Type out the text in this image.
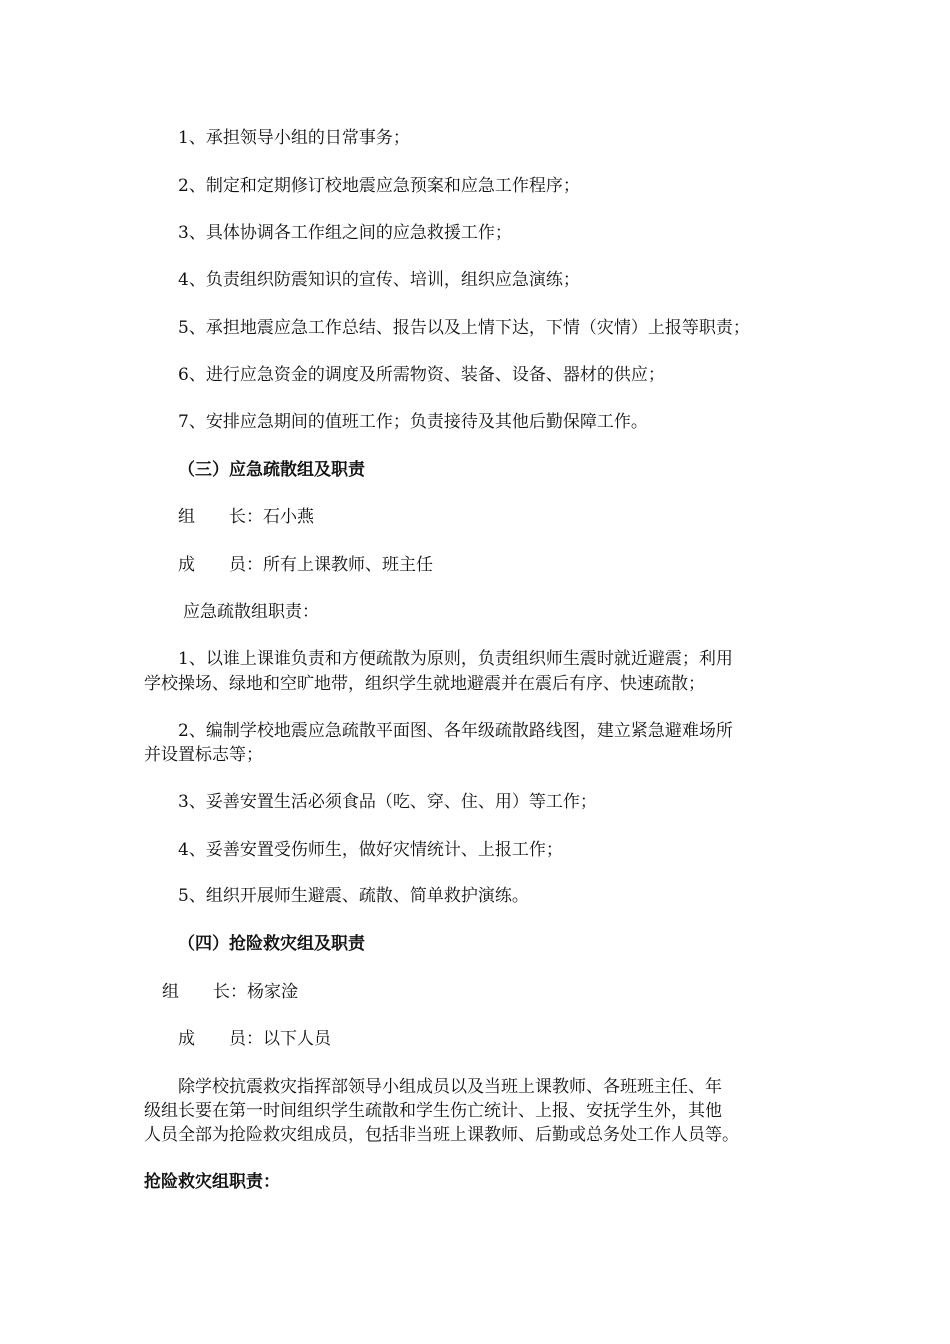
1、承担领导小组的日常事务；
2、制定和定期修订校地震应急预案和应急工作程序；
3、具体协调各工作组之间的应急救援工作；
4、负责组织防震知识的宣传、培训，组织应急演练；
5、承担地震应急工作总结、报告以及上情下达，下情（灾情）上报等职责；
6、进行应急资金的调度及所需物资、装备、设备、器材的供应；
7、安排应急期间的值班工作；负责接待及其他后勤保障工作。
（三）应急疏散组及职责
组　　长：石小燕
成　　员：所有上课教师、班主任
应急疏散组职责：
1、以谁上课谁负责和方便疏散为原则，负责组织师生震时就近避震；利用
学校操场、绿地和空旷地带，组织学生就地避震并在震后有序、快速疏散；
2、编制学校地震应急疏散平面图、各年级疏散路线图，建立紧急避难场所
并设置标志等；
3、妥善安置生活必须食品（吃、穿、住、用）等工作；
4、妥善安置受伤师生，做好灾情统计、上报工作；
5、组织开展师生避震、疏散、简单救护演练。
（四）抢险救灾组及职责
组　　长：杨家淦
成　　员：以下人员
除学校抗震救灾指挥部领导小组成员以及当班上课教师、各班班主任、年
级组长要在第一时间组织学生疏散和学生伤亡统计、上报、安抚学生外，其他
人员全部为抢险救灾组成员，包括非当班上课教师、后勤或总务处工作人员等。
抢险救灾组职责：
